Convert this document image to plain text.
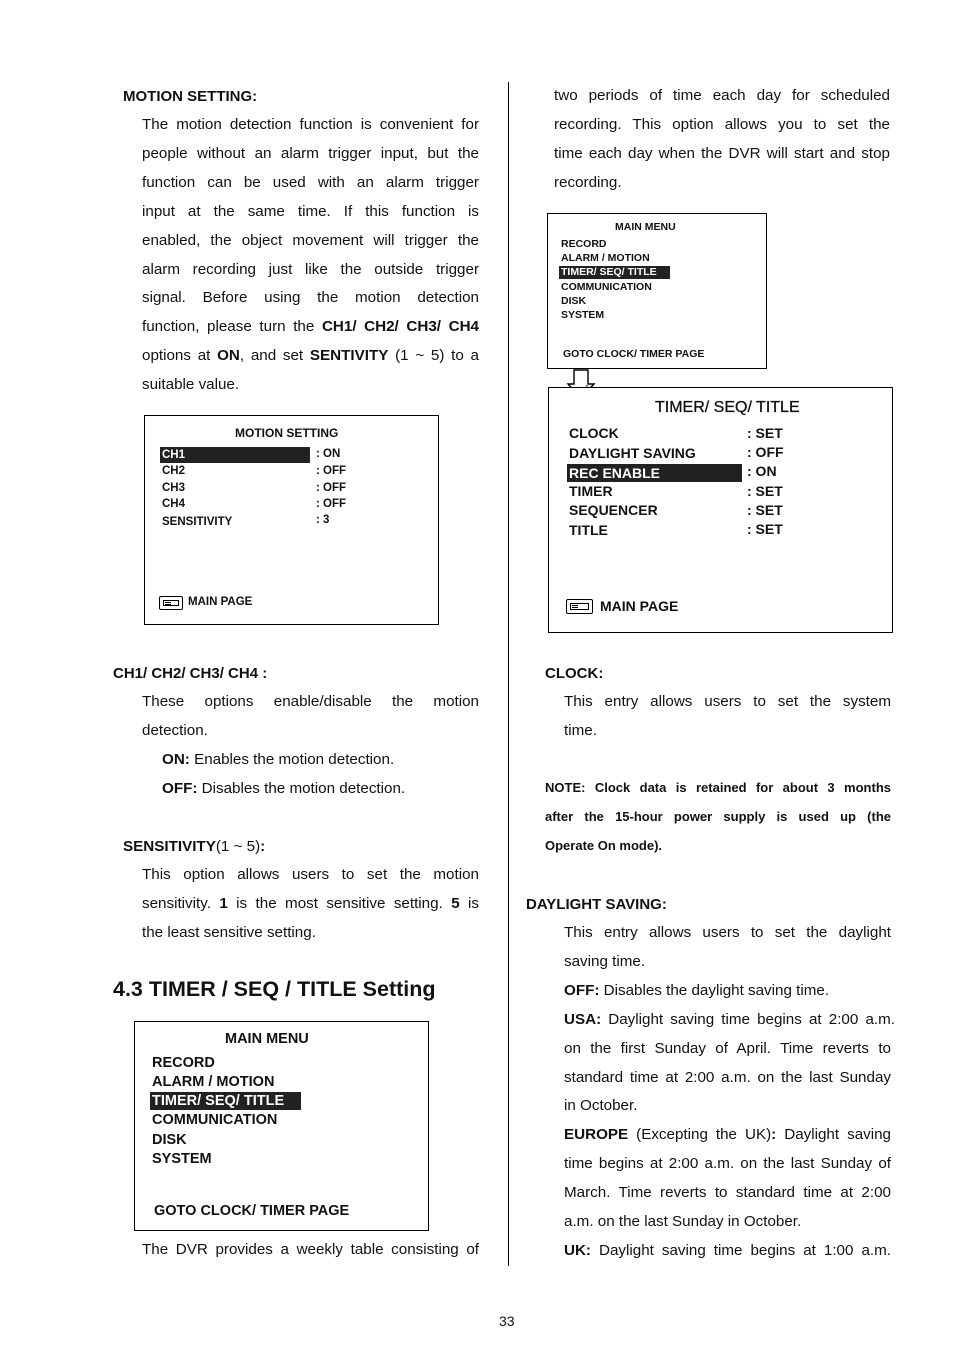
MOTION SETTING:
The motion detection function is convenient for
people without an alarm trigger input, but the
function can be used with an alarm trigger
input at the same time. If this function is
enabled, the object movement will trigger the
alarm recording just like the outside trigger
signal. Before using the motion detection
function, please turn the CH1/ CH2/ CH3/ CH4
options at ON, and set SENTIVITY (1 ~ 5) to a
suitable value.
MOTION SETTING
CH1	: ON
CH2	: OFF
CH3	: OFF
CH4	: OFF
SENSITIVITY	: 3
MAIN PAGE
CH1/ CH2/ CH3/ CH4 :
These options enable/disable the motion
detection.
ON: Enables the motion detection.
OFF: Disables the motion detection.
SENSITIVITY(1 ~ 5):
This option allows users to set the motion
sensitivity. 1 is the most sensitive setting. 5 is
the least sensitive setting.
4.3 TIMER / SEQ / TITLE Setting
MAIN MENU
RECORD
ALARM / MOTION
TIMER/ SEQ/ TITLE
COMMUNICATION
DISK
SYSTEM
GOTO CLOCK/ TIMER PAGE
The DVR provides a weekly table consisting of
two periods of time each day for scheduled
recording. This option allows you to set the
time each day when the DVR will start and stop
recording.
MAIN MENU
RECORD
ALARM / MOTION
TIMER/ SEQ/ TITLE
COMMUNICATION
DISK
SYSTEM
GOTO CLOCK/ TIMER PAGE
TIMER/ SEQ/ TITLE
CLOCK	: SET
DAYLIGHT SAVING	: OFF
REC ENABLE	: ON
TIMER	: SET
SEQUENCER	: SET
TITLE	: SET
MAIN PAGE
CLOCK:
This entry allows users to set the system
time.
NOTE: Clock data is retained for about 3 months
after the 15-hour power supply is used up (the
Operate On mode).
DAYLIGHT SAVING:
This entry allows users to set the daylight
saving time.
OFF: Disables the daylight saving time.
USA: Daylight saving time begins at 2:00 a.m.
on the first Sunday of April. Time reverts to
standard time at 2:00 a.m. on the last Sunday
in October.
EUROPE (Excepting the UK): Daylight saving
time begins at 2:00 a.m. on the last Sunday of
March. Time reverts to standard time at 2:00
a.m. on the last Sunday in October.
UK: Daylight saving time begins at 1:00 a.m.
33
